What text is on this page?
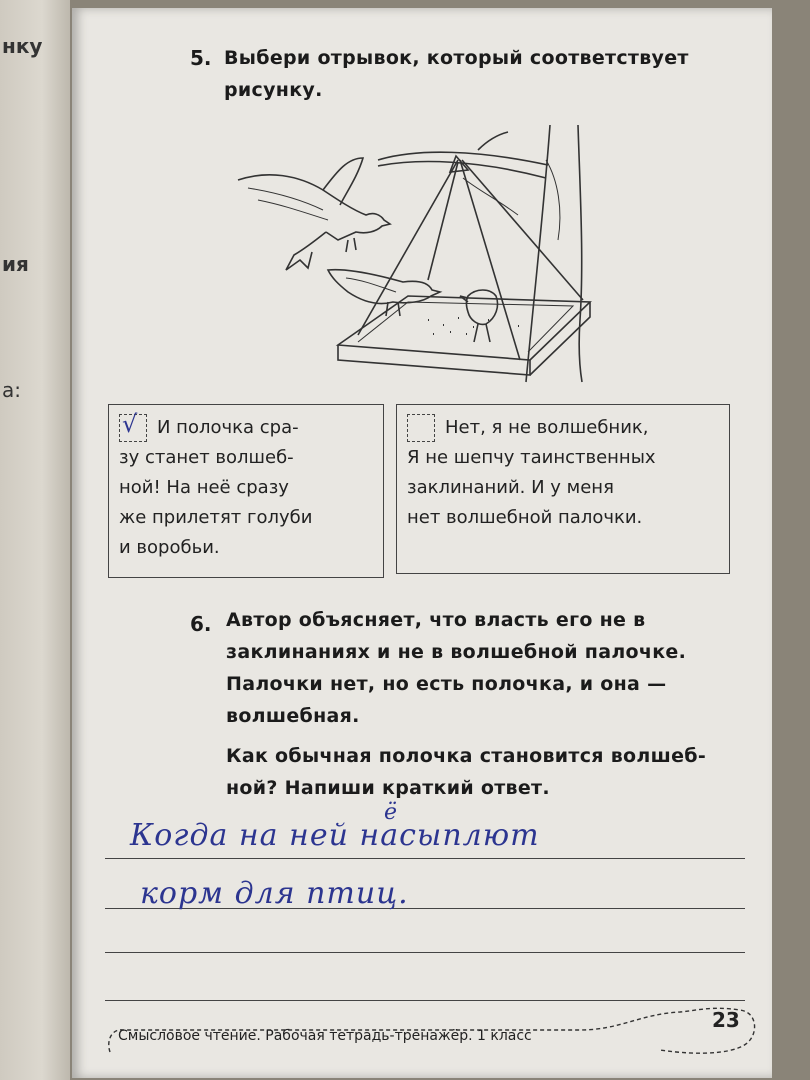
нку
ия
а:
5. Выбери отрывок, который соответствует
рисунку.

√ И полочка сра-

зу станет волшеб-

ной! На неё сразу

же прилетят голуби

и воробьи.

Нет, я не волшебник,

Я не шепчу таинственных

заклинаний. И у меня

нет волшебной палочки.

6. Автор объясняет, что власть его не в
заклинаниях и не в волшебной палочке.
Палочки нет, но есть полочка, и она —
волшебная.
Как обычная полочка становится волшеб-
ной? Напиши краткий ответ.
ё
Когда на ней насыплют
корм для птиц.
Смысловое чтение. Рабочая тетрадь-тренажёр. 1 класс
23
